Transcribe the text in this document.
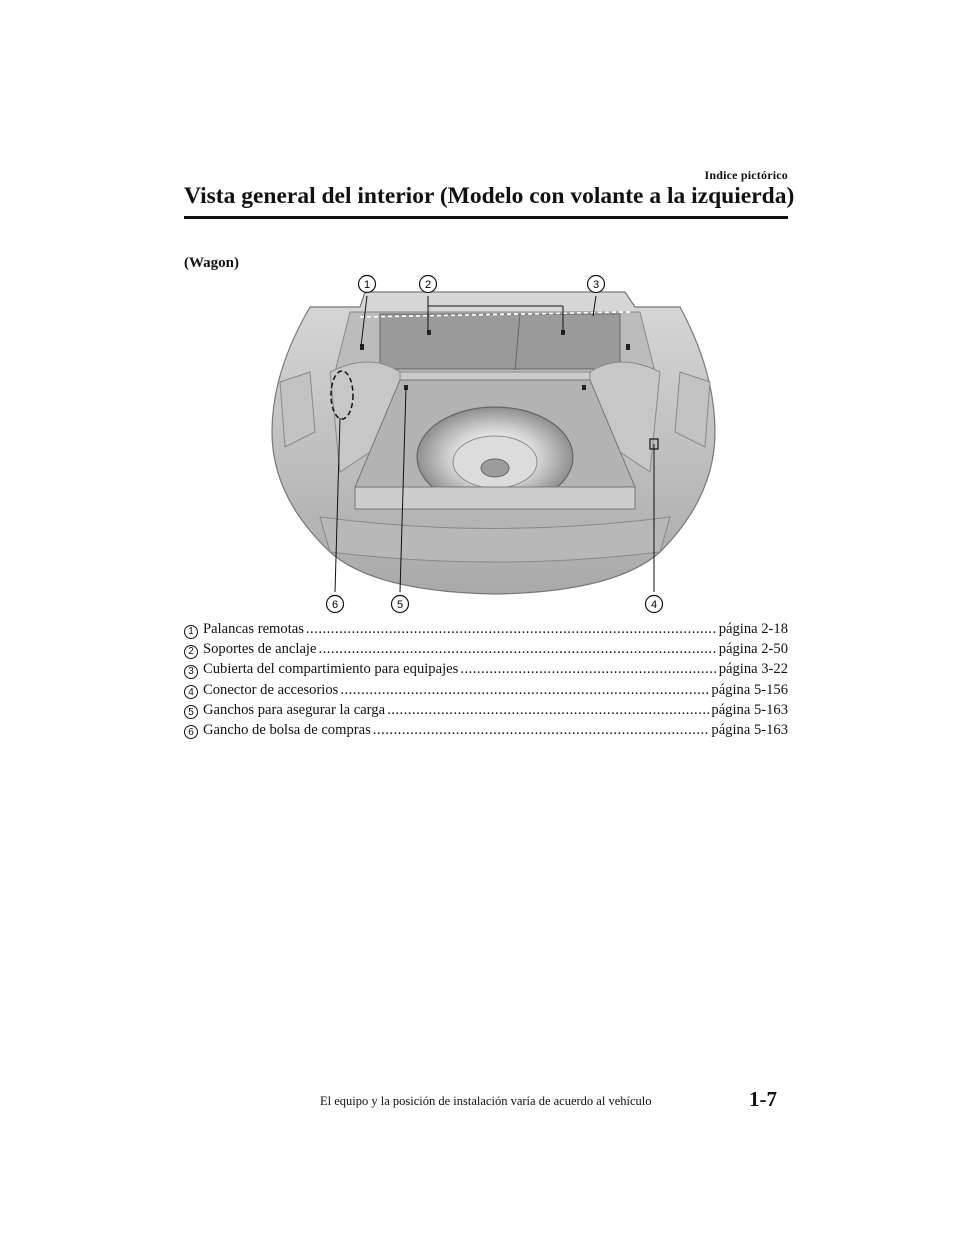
Indice pictórico
Vista general del interior (Modelo con volante a la izquierda)
(Wagon)
1	2	3
4
5
6
1 Palancas remotas .....	página 2-18
2 Soportes de anclaje .....	página 2-50
3 Cubierta del compartimiento para equipajes .....	página 3-22
4 Conector de accesorios .....	página 5-156
5 Ganchos para asegurar la carga .....	página 5-163
6 Gancho de bolsa de compras .....	página 5-163
El equipo y la posición de instalación varía de acuerdo al vehículo	1-7
